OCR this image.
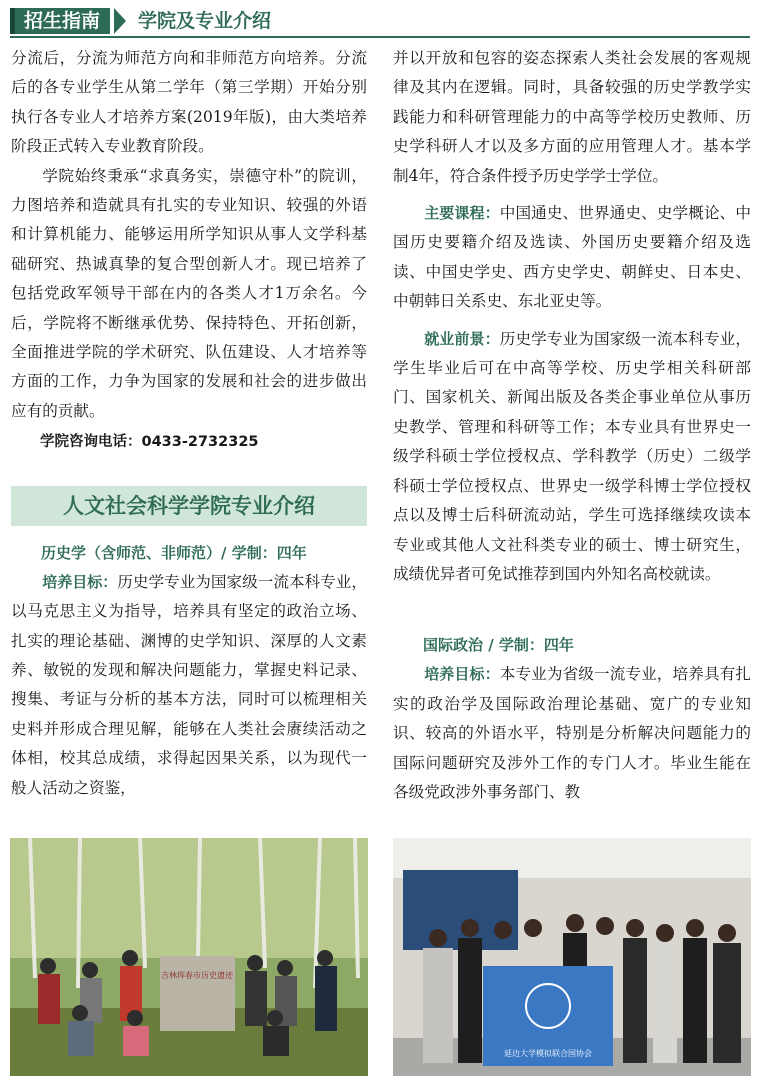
招生指南	学院及专业介绍

分流后，分流为师范方向和非师范方向培养。分流后的各专业学生从第二学年（第三学期）开始分别执行各专业人才培养方案(2019年版)，由大类培养阶段正式转入专业教育阶段。

学院始终秉承“求真务实，崇德守朴”的院训，力图培养和造就具有扎实的专业知识、较强的外语和计算机能力、能够运用所学知识从事人文学科基础研究、热诚真挚的复合型创新人才。现已培养了包括党政军领导干部在内的各类人才1万余名。今后，学院将不断继承优势、保持特色、开拓创新，全面推进学院的学术研究、队伍建设、人才培养等方面的工作，力争为国家的发展和社会的进步做出应有的贡献。

学院咨询电话：0433-2732325

人文社会科学学院专业介绍
历史学（含师范、非师范）/ 学制：四年

培养目标：历史学专业为国家级一流本科专业，以马克思主义为指导，培养具有坚定的政治立场、扎实的理论基础、渊博的史学知识、深厚的人文素养、敏锐的发现和解决问题能力，掌握史料记录、搜集、考证与分析的基本方法，同时可以梳理相关史料并形成合理见解，能够在人类社会赓续活动之体相，校其总成绩，求得起因果关系，以为现代一般人活动之资鉴，

并以开放和包容的姿态探索人类社会发展的客观规律及其内在逻辑。同时，具备较强的历史学教学实践能力和科研管理能力的中高等学校历史教师、历史学科研人才以及多方面的应用管理人才。基本学制4年，符合条件授予历史学学士学位。

主要课程：中国通史、世界通史、史学概论、中国历史要籍介绍及选读、外国历史要籍介绍及选读、中国史学史、西方史学史、朝鲜史、日本史、中朝韩日关系史、东北亚史等。

就业前景：历史学专业为国家级一流本科专业，学生毕业后可在中高等学校、历史学相关科研部门、国家机关、新闻出版及各类企事业单位从事历史教学、管理和科研等工作；本专业具有世界史一级学科硕士学位授权点、学科教学（历史）二级学科硕士学位授权点、世界史一级学科博士学位授权点以及博士后科研流动站，学生可选择继续攻读本专业或其他人文社科类专业的硕士、博士研究生，成绩优异者可免试推荐到国内外知名高校就读。

国际政治 / 学制：四年

培养目标：本专业为省级一流专业，培养具有扎实的政治学及国际政治理论基础、宽广的专业知识、较高的外语水平，特别是分析解决问题能力的国际问题研究及涉外工作的专门人才。毕业生能在各级党政涉外事务部门、教

吉林珲春市历史遗迹
延边大学模拟联合国协会
